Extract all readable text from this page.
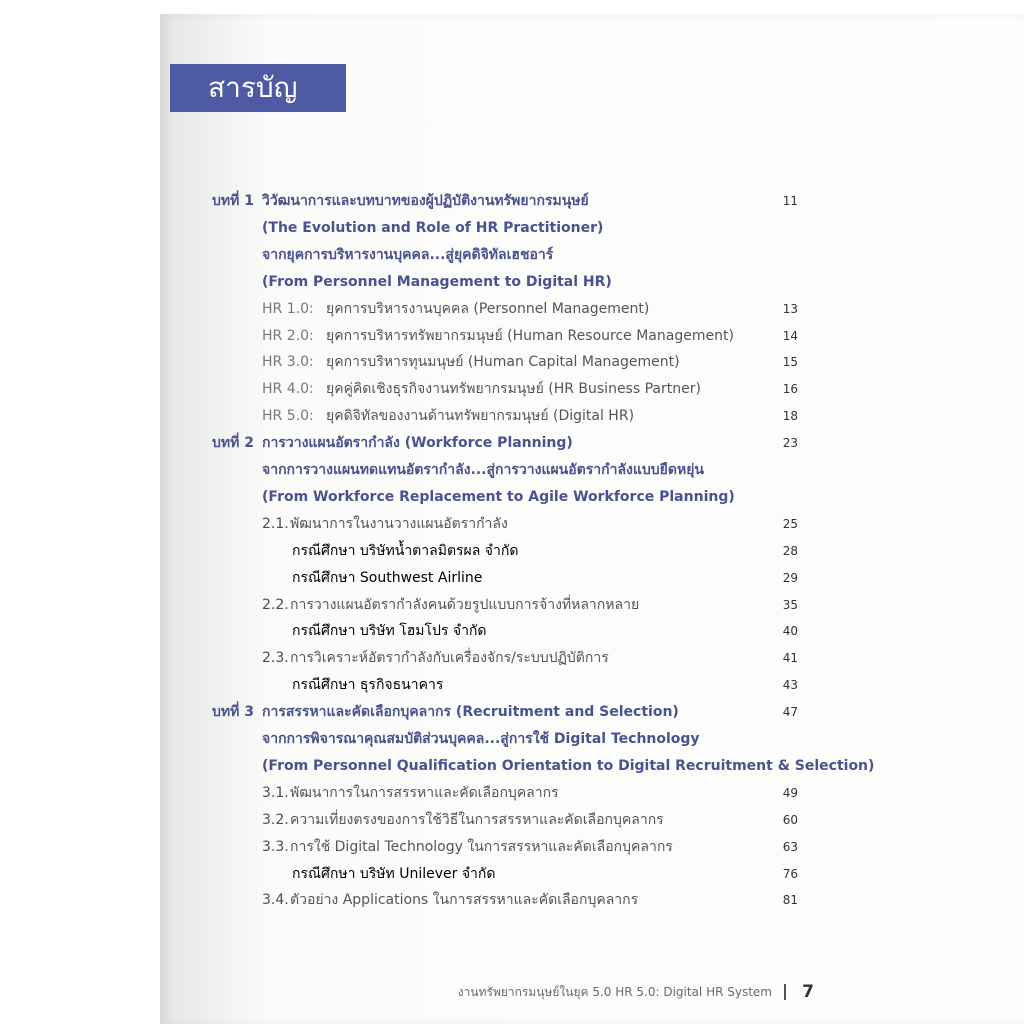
สารบัญ
บทที่ 1 วิวัฒนาการและบทบาทของผู้ปฏิบัติงานทรัพยากรมนุษย์	11
(The Evolution and Role of HR Practitioner)
จากยุคการบริหารงานบุคคล...สู่ยุคดิจิทัลเฮชอาร์
(From Personnel Management to Digital HR)
HR 1.0: ยุคการบริหารงานบุคคล (Personnel Management)	13
HR 2.0: ยุคการบริหารทรัพยากรมนุษย์ (Human Resource Management)	14
HR 3.0: ยุคการบริหารทุนมนุษย์ (Human Capital Management)	15
HR 4.0: ยุคคู่คิดเชิงธุรกิจงานทรัพยากรมนุษย์ (HR Business Partner)	16
HR 5.0: ยุคดิจิทัลของงานด้านทรัพยากรมนุษย์ (Digital HR)	18
บทที่ 2 การวางแผนอัตรากำลัง (Workforce Planning)	23
จากการวางแผนทดแทนอัตรากำลัง...สู่การวางแผนอัตรากำลังแบบยืดหยุ่น
(From Workforce Replacement to Agile Workforce Planning)
2.1. พัฒนาการในงานวางแผนอัตรากำลัง	25
กรณีศึกษา บริษัทน้ำตาลมิตรผล จำกัด	28
กรณีศึกษา Southwest Airline	29
2.2. การวางแผนอัตรากำลังคนด้วยรูปแบบการจ้างที่หลากหลาย	35
กรณีศึกษา บริษัท โฮมโปร จำกัด	40
2.3. การวิเคราะห์อัตรากำลังกับเครื่องจักร/ระบบปฏิบัติการ	41
กรณีศึกษา ธุรกิจธนาคาร	43
บทที่ 3 การสรรหาและคัดเลือกบุคลากร (Recruitment and Selection)	47
จากการพิจารณาคุณสมบัติส่วนบุคคล...สู่การใช้ Digital Technology
(From Personnel Qualification Orientation to Digital Recruitment & Selection)
3.1. พัฒนาการในการสรรหาและคัดเลือกบุคลากร	49
3.2. ความเที่ยงตรงของการใช้วิธีในการสรรหาและคัดเลือกบุคลากร	60
3.3. การใช้ Digital Technology ในการสรรหาและคัดเลือกบุคลากร	63
กรณีศึกษา บริษัท Unilever จำกัด	76
3.4. ตัวอย่าง Applications ในการสรรหาและคัดเลือกบุคลากร	81
งานทรัพยากรมนุษย์ในยุค 5.0 HR 5.0: Digital HR System 7
